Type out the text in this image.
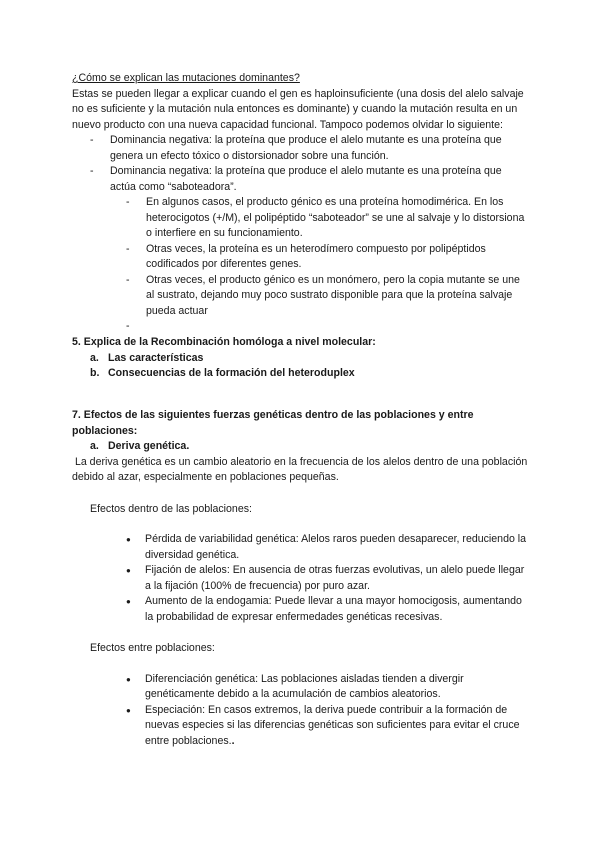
¿Cómo se explican las mutaciones dominantes?

Estas se pueden llegar a explicar cuando el gen es haploinsuficiente (una dosis del alelo salvaje no es suficiente y la mutación nula entonces es dominante) y cuando la mutación resulta en un nuevo producto con una nueva capacidad funcional. Tampoco podemos olvidar lo siguiente:

- Dominancia negativa: la proteína que produce el alelo mutante es una proteína que genera un efecto tóxico o distorsionador sobre una función.
- Dominancia negativa: la proteína que produce el alelo mutante es una proteína que actúa como “saboteadora”.
- En algunos casos, el producto génico es una proteína homodimérica. En los heterocigotos (+/M), el polipéptido “saboteador” se une al salvaje y lo distorsiona o interfiere en su funcionamiento.
- Otras veces, la proteína es un heterodímero compuesto por polipéptidos codificados por diferentes genes.
- Otras veces, el producto génico es un monómero, pero la copia mutante se une al sustrato, dejando muy poco sustrato disponible para que la proteína salvaje pueda actuar
-

5. Explica de la Recombinación homóloga a nivel molecular:

a. Las características
b. Consecuencias de la formación del heteroduplex

7. Efectos de las siguientes fuerzas genéticas dentro de las poblaciones y entre poblaciones:

a. Deriva genética.

La deriva genética es un cambio aleatorio en la frecuencia de los alelos dentro de una población debido al azar, especialmente en poblaciones pequeñas.

Efectos dentro de las poblaciones:

● Pérdida de variabilidad genética: Alelos raros pueden desaparecer, reduciendo la diversidad genética.
● Fijación de alelos: En ausencia de otras fuerzas evolutivas, un alelo puede llegar a la fijación (100% de frecuencia) por puro azar.
● Aumento de la endogamia: Puede llevar a una mayor homocigosis, aumentando la probabilidad de expresar enfermedades genéticas recesivas.

Efectos entre poblaciones:

● Diferenciación genética: Las poblaciones aisladas tienden a divergir genéticamente debido a la acumulación de cambios aleatorios.
● Especiación: En casos extremos, la deriva puede contribuir a la formación de nuevas especies si las diferencias genéticas son suficientes para evitar el cruce entre poblaciones..
